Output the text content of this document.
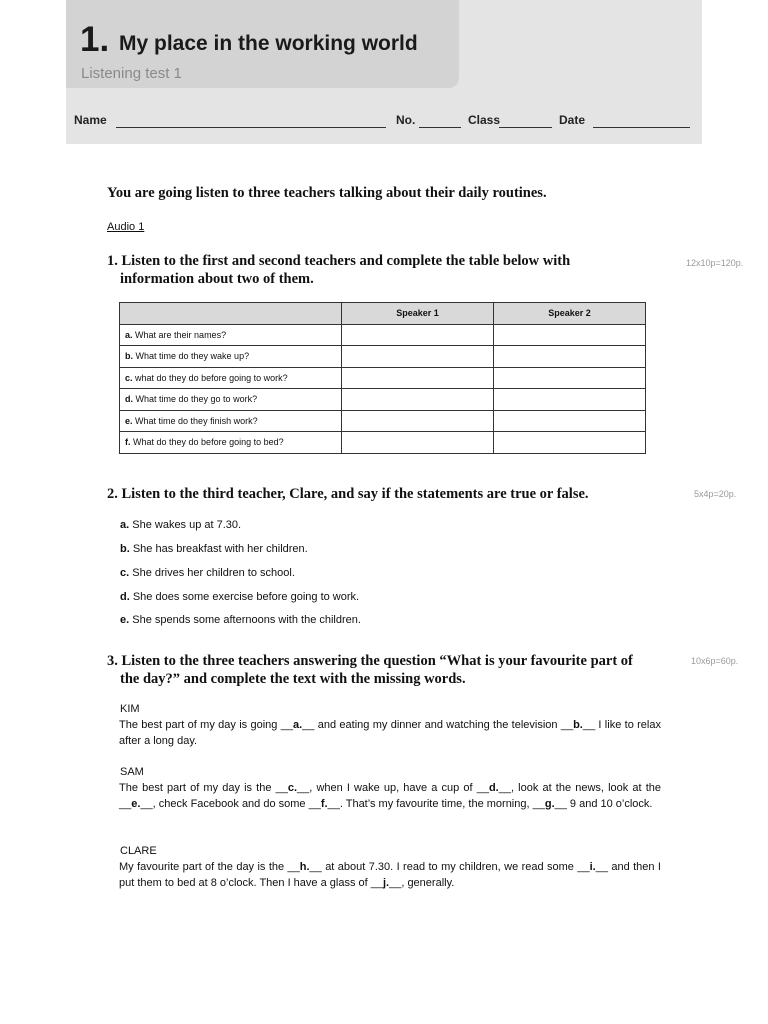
1. My place in the working world
Listening test 1
Name	No.	Class	Date
You are going listen to three teachers talking about their daily routines.
Audio 1
1. Listen to the first and second teachers and complete the table below with
information about two of them.
12x10p=120p.
	Speaker 1	Speaker 2
a. What are their names?		
b. What time do they wake up?		
c. what do they do before going to work?		
d. What time do they go to work?		
e. What time do they finish work?		
f. What do they do before going to bed?		
2. Listen to the third teacher, Clare, and say if the statements are true or false.	5x4p=20p.
a. She wakes up at 7.30.
b. She has breakfast with her children.
c. She drives her children to school.
d. She does some exercise before going to work.
e. She spends some afternoons with the children.
3. Listen to the three teachers answering the question “What is your favourite part of
the day?” and complete the text with the missing words.
10x6p=60p.
KIM
The best part of my day is going __a.__ and eating my dinner and watching the television __b.__ I like to relax after a long day.
SAM
The best part of my day is the __c.__, when I wake up, have a cup of __d.__, look at the news, look at the __e.__, check Facebook and do some __f.__. That’s my favourite time, the morning, __g.__ 9 and 10 o’clock.
CLARE
My favourite part of the day is the __h.__ at about 7.30. I read to my children, we read some __i.__ and then I put them to bed at 8 o’clock. Then I have a glass of __j.__, generally.
